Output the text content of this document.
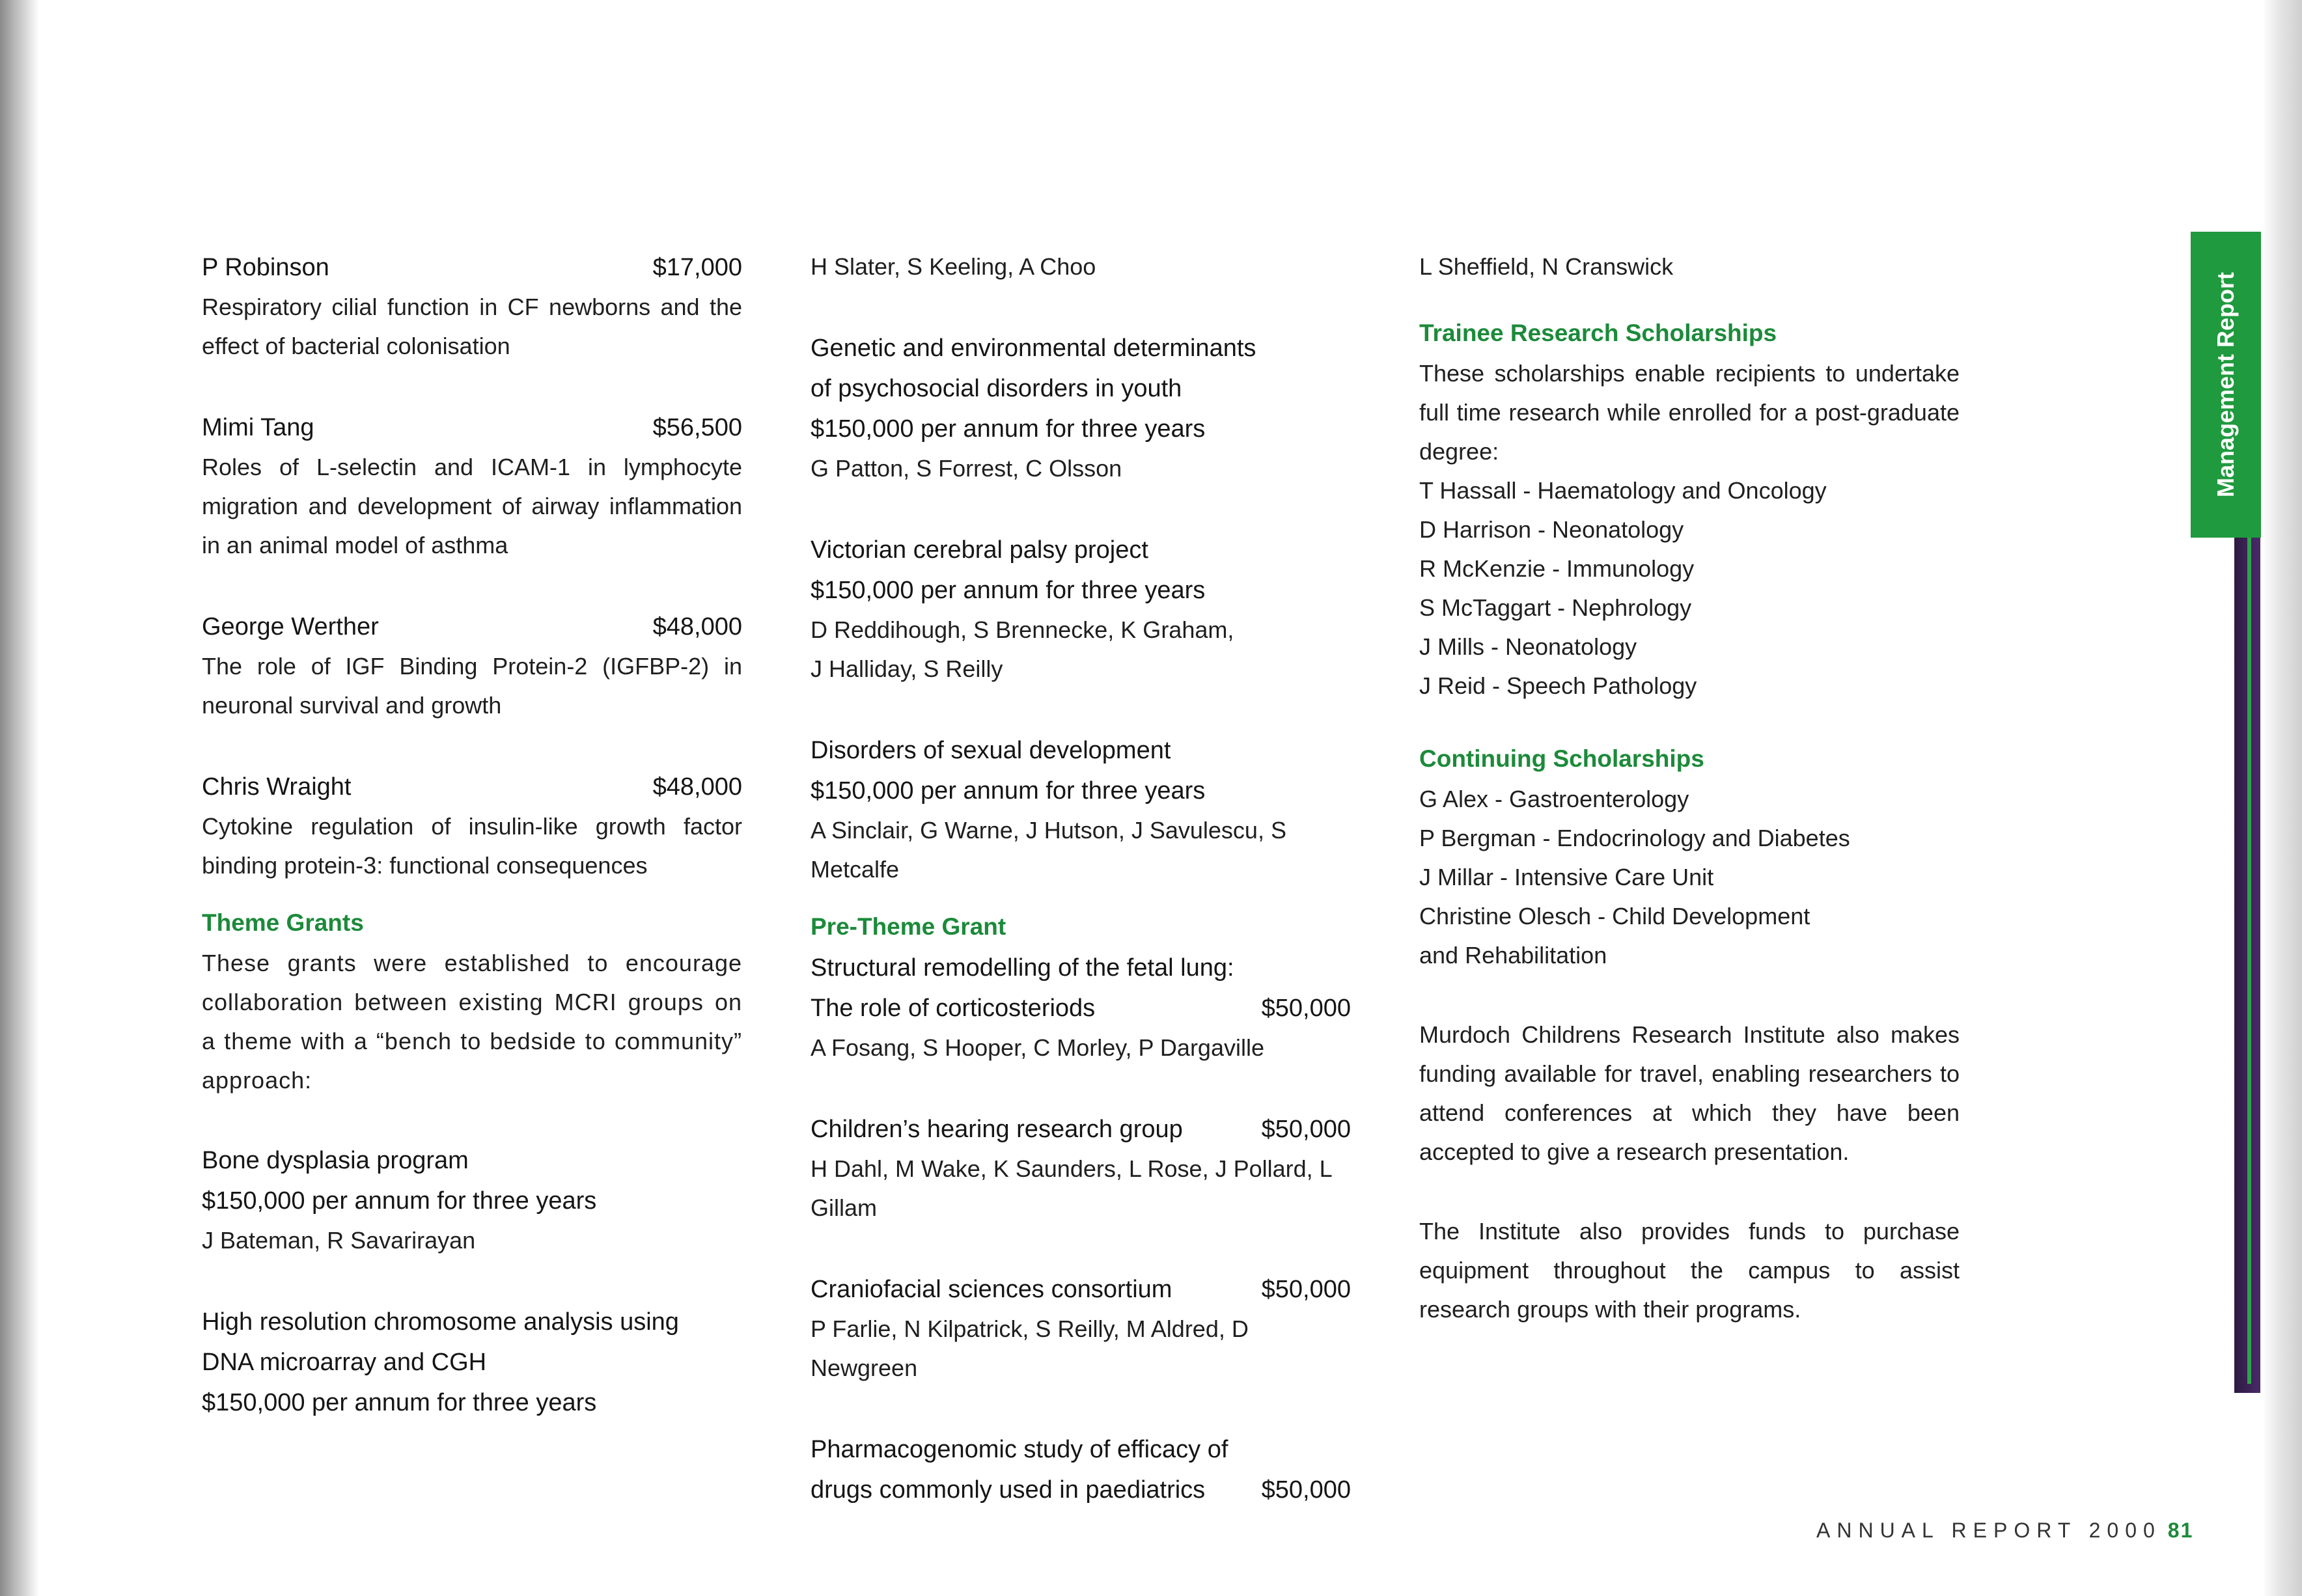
Management Report
P Robinson	$17,000
Respiratory cilial function in CF newborns and the effect of bacterial colonisation
Mimi Tang	$56,500
Roles of L-selectin and ICAM-1 in lymphocyte migration and development of airway inflammation in an animal model of asthma
George Werther	$48,000
The role of IGF Binding Protein-2 (IGFBP-2) in neuronal survival and growth
Chris Wraight	$48,000
Cytokine regulation of insulin-like growth factor binding protein-3: functional consequences
Theme Grants
These grants were established to encourage collaboration between existing MCRI groups on a theme with a “bench to bedside to community” approach:
Bone dysplasia program
$150,000 per annum for three years
J Bateman, R Savarirayan
High resolution chromosome analysis using
DNA microarray and CGH
$150,000 per annum for three years
H Slater, S Keeling, A Choo
Genetic and environmental determinants
of psychosocial disorders in youth
$150,000 per annum for three years
G Patton, S Forrest, C Olsson
Victorian cerebral palsy project
$150,000 per annum for three years
D Reddihough, S Brennecke, K Graham,
J Halliday, S Reilly
Disorders of sexual development
$150,000 per annum for three years
A Sinclair, G Warne, J Hutson, J Savulescu, S Metcalfe
Pre-Theme Grant
Structural remodelling of the fetal lung:
The role of corticosteriods	$50,000
A Fosang, S Hooper, C Morley, P Dargaville
Children’s hearing research group	$50,000
H Dahl, M Wake, K Saunders, L Rose, J Pollard, L Gillam
Craniofacial sciences consortium	$50,000
P Farlie, N Kilpatrick, S Reilly, M Aldred, D Newgreen
Pharmacogenomic study of efficacy of
drugs commonly used in paediatrics $50,000
L Sheffield, N Cranswick
Trainee Research Scholarships
These scholarships enable recipients to undertake full time research while enrolled for a post-graduate degree:
T Hassall - Haematology and Oncology
D Harrison - Neonatology
R McKenzie - Immunology
S McTaggart - Nephrology
J Mills - Neonatology
J Reid - Speech Pathology
Continuing Scholarships
G Alex - Gastroenterology
P Bergman - Endocrinology and Diabetes
J Millar - Intensive Care Unit
Christine Olesch - Child Development
and Rehabilitation
Murdoch Childrens Research Institute also makes funding available for travel, enabling researchers to attend conferences at which they have been accepted to give a research presentation.
The Institute also provides funds to purchase equipment throughout the campus to assist research groups with their programs.
ANNUAL REPORT 2000 81
